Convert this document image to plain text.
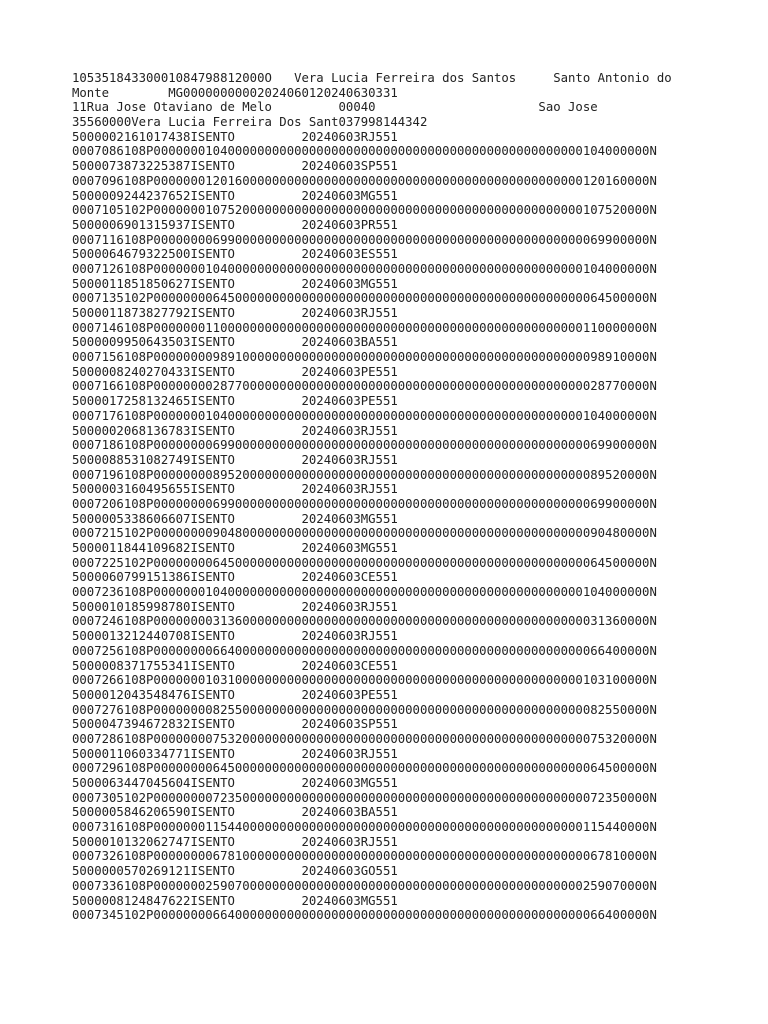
10535184330001084798812000O   Vera Lucia Ferreira dos Santos     Santo Antonio do
Monte        MG00000000002024060120240630331
11Rua Jose Otaviano de Melo         00040                      Sao Jose
35560000Vera Lucia Ferreira Dos Sant037998144342
5000002161017438ISENTO         20240603RJ551
0007086108P0000000104000000000000000000000000000000000000000000000000104000000N
5000073873225387ISENTO         20240603SP551
0007096108P0000000120160000000000000000000000000000000000000000000000120160000N
5000009244237652ISENTO         20240603MG551
0007105102P0000000107520000000000000000000000000000000000000000000000107520000N
5000006901315937ISENTO         20240603PR551
0007116108P0000000069900000000000000000000000000000000000000000000000069900000N
5000064679322500ISENTO         20240603ES551
0007126108P0000000104000000000000000000000000000000000000000000000000104000000N
5000011851850627ISENTO         20240603MG551
0007135102P0000000064500000000000000000000000000000000000000000000000064500000N
5000011873827792ISENTO         20240603RJ551
0007146108P0000000110000000000000000000000000000000000000000000000000110000000N
5000009950643503ISENTO         20240603BA551
0007156108P0000000098910000000000000000000000000000000000000000000000098910000N
5000008240270433ISENTO         20240603PE551
0007166108P0000000028770000000000000000000000000000000000000000000000028770000N
5000017258132465ISENTO         20240603PE551
0007176108P0000000104000000000000000000000000000000000000000000000000104000000N
5000002068136783ISENTO         20240603RJ551
0007186108P0000000069900000000000000000000000000000000000000000000000069900000N
5000088531082749ISENTO         20240603RJ551
0007196108P0000000089520000000000000000000000000000000000000000000000089520000N
5000003160495655ISENTO         20240603RJ551
0007206108P0000000069900000000000000000000000000000000000000000000000069900000N
5000005338606607ISENTO         20240603MG551
0007215102P0000000090480000000000000000000000000000000000000000000000090480000N
5000011844109682ISENTO         20240603MG551
0007225102P0000000064500000000000000000000000000000000000000000000000064500000N
5000060799151386ISENTO         20240603CE551
0007236108P0000000104000000000000000000000000000000000000000000000000104000000N
5000010185998780ISENTO         20240603RJ551
0007246108P0000000031360000000000000000000000000000000000000000000000031360000N
5000013212440708ISENTO         20240603RJ551
0007256108P0000000066400000000000000000000000000000000000000000000000066400000N
5000008371755341ISENTO         20240603CE551
0007266108P0000000103100000000000000000000000000000000000000000000000103100000N
5000012043548476ISENTO         20240603PE551
0007276108P0000000082550000000000000000000000000000000000000000000000082550000N
5000047394672832ISENTO         20240603SP551
0007286108P0000000075320000000000000000000000000000000000000000000000075320000N
5000011060334771ISENTO         20240603RJ551
0007296108P0000000064500000000000000000000000000000000000000000000000064500000N
5000063447045604ISENTO         20240603MG551
0007305102P0000000072350000000000000000000000000000000000000000000000072350000N
5000005846206590ISENTO         20240603BA551
0007316108P0000000115440000000000000000000000000000000000000000000000115440000N
5000010132062747ISENTO         20240603RJ551
0007326108P0000000067810000000000000000000000000000000000000000000000067810000N
5000000570269121ISENTO         20240603GO551
0007336108P0000000259070000000000000000000000000000000000000000000000259070000N
5000008124847622ISENTO         20240603MG551
0007345102P0000000066400000000000000000000000000000000000000000000000066400000N
